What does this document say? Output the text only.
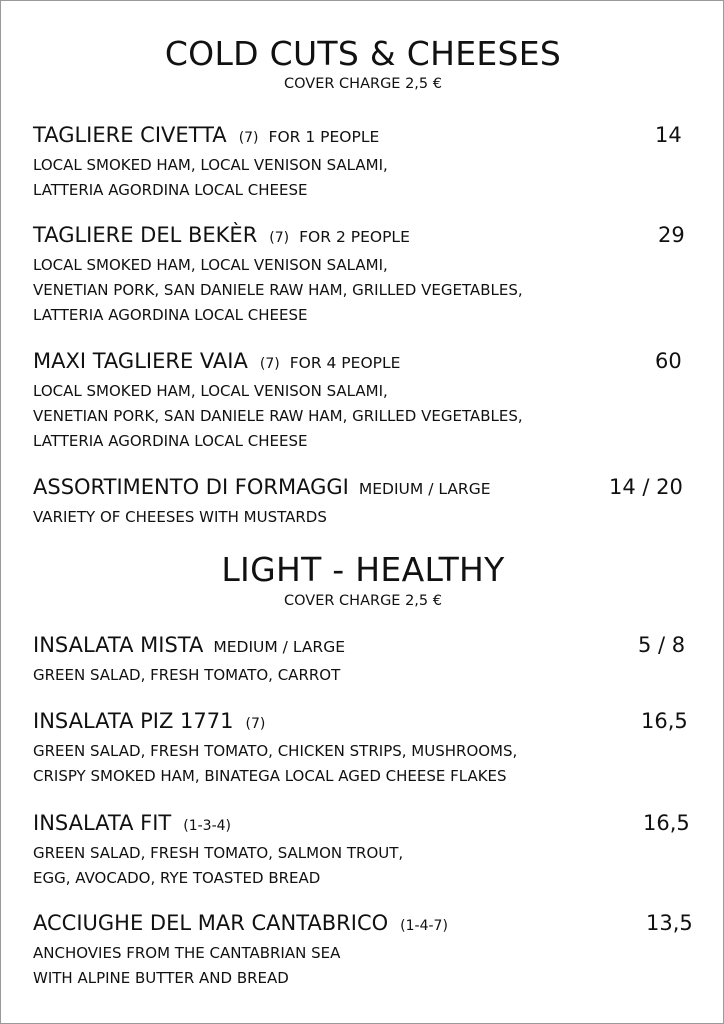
COLD CUTS & CHEESES
COVER CHARGE 2,5 €
TAGLIERE CIVETTA (7) FOR 1 PEOPLE	14
LOCAL SMOKED HAM, LOCAL VENISON SALAMI,
LATTERIA AGORDINA LOCAL CHEESE
TAGLIERE DEL BEKÈR (7) FOR 2 PEOPLE	29
LOCAL SMOKED HAM, LOCAL VENISON SALAMI,
VENETIAN PORK, SAN DANIELE RAW HAM, GRILLED VEGETABLES,
LATTERIA AGORDINA LOCAL CHEESE
MAXI TAGLIERE VAIA (7) FOR 4 PEOPLE	60
LOCAL SMOKED HAM, LOCAL VENISON SALAMI,
VENETIAN PORK, SAN DANIELE RAW HAM, GRILLED VEGETABLES,
LATTERIA AGORDINA LOCAL CHEESE
ASSORTIMENTO DI FORMAGGI MEDIUM / LARGE	14 / 20
VARIETY OF CHEESES WITH MUSTARDS
LIGHT - HEALTHY
COVER CHARGE 2,5 €
INSALATA MISTA MEDIUM / LARGE	5 / 8
GREEN SALAD, FRESH TOMATO, CARROT
INSALATA PIZ 1771 (7)	16,5
GREEN SALAD, FRESH TOMATO, CHICKEN STRIPS, MUSHROOMS,
CRISPY SMOKED HAM, BINATEGA LOCAL AGED CHEESE FLAKES
INSALATA FIT (1-3-4)	16,5
GREEN SALAD, FRESH TOMATO, SALMON TROUT,
EGG, AVOCADO, RYE TOASTED BREAD
ACCIUGHE DEL MAR CANTABRICO (1-4-7)	13,5
ANCHOVIES FROM THE CANTABRIAN SEA
WITH ALPINE BUTTER AND BREAD
